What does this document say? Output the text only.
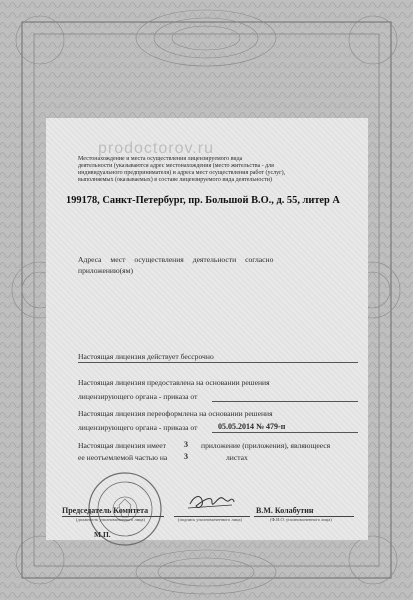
prodoctorov.ru
Местонахождение и места осуществления лицензируемого вида
деятельности (указываются адрес местонахождения (место жительства - для
индивидуального предпринимателя) и адреса мест осуществления работ (услуг),
выполняемых (оказываемых) в составе лицензируемого вида деятельности)
199178, Санкт-Петербург, пр. Большой В.О., д. 55, литер А
Адреса мест осуществления деятельности согласно
приложению(ям)
Настоящая лицензия действует бессрочно
Настоящая лицензия предоставлена на основании решения
лицензирующего органа - приказа от
Настоящая лицензия переоформлена на основании решения
лицензирующего органа - приказа от	05.05.2014 № 479-п
Настоящая лицензия имеет 3 приложение (приложения), являющееся
ее неотъемлемой частью на 3	листах
Председатель Комитета
(должность уполномоченного лица)	(подпись уполномоченного лица)
В.М. Колабутин
(Ф.И.О. уполномоченного лица)
М.П.
